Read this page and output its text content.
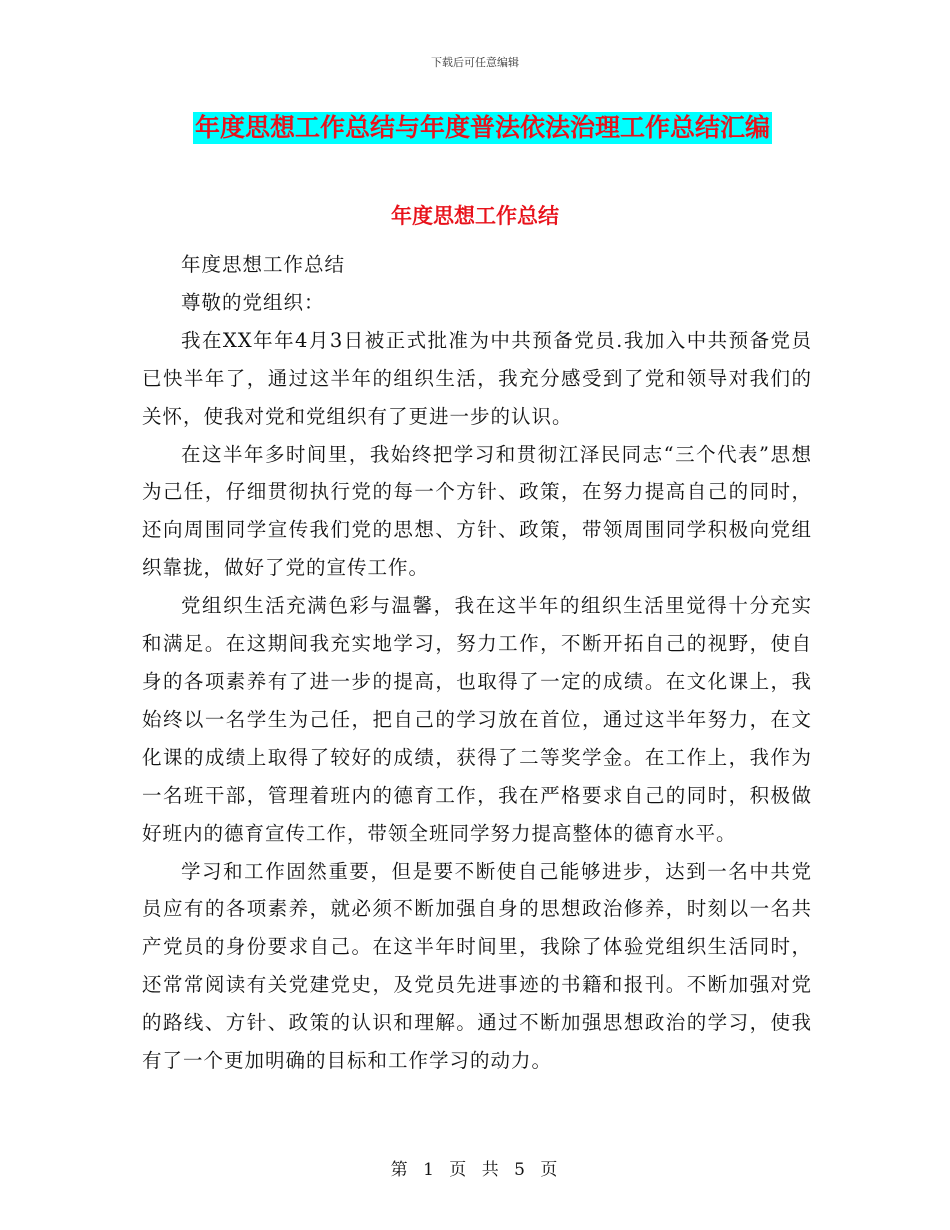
下载后可任意编辑
年度思想工作总结与年度普法依法治理工作总结汇编
年度思想工作总结

年度思想工作总结

尊敬的党组织：

我在XX年年4月3日被正式批准为中共预备党员.我加入中共预备党员已快半年了，通过这半年的组织生活，我充分感受到了党和领导对我们的关怀，使我对党和党组织有了更进一步的认识。

在这半年多时间里，我始终把学习和贯彻江泽民同志“三个代表”思想为己任，仔细贯彻执行党的每一个方针、政策，在努力提高自己的同时，还向周围同学宣传我们党的思想、方针、政策，带领周围同学积极向党组织靠拢，做好了党的宣传工作。

党组织生活充满色彩与温馨，我在这半年的组织生活里觉得十分充实和满足。在这期间我充实地学习，努力工作，不断开拓自己的视野，使自身的各项素养有了进一步的提高，也取得了一定的成绩。在文化课上，我始终以一名学生为己任，把自己的学习放在首位，通过这半年努力，在文化课的成绩上取得了较好的成绩，获得了二等奖学金。在工作上，我作为一名班干部，管理着班内的德育工作，我在严格要求自己的同时，积极做好班内的德育宣传工作，带领全班同学努力提高整体的德育水平。

学习和工作固然重要，但是要不断使自己能够进步，达到一名中共党员应有的各项素养，就必须不断加强自身的思想政治修养，时刻以一名共产党员的身份要求自己。在这半年时间里，我除了体验党组织生活同时，还常常阅读有关党建党史，及党员先进事迹的书籍和报刊。不断加强对党的路线、方针、政策的认识和理解。通过不断加强思想政治的学习，使我有了一个更加明确的目标和工作学习的动力。

第 1 页 共 5 页
